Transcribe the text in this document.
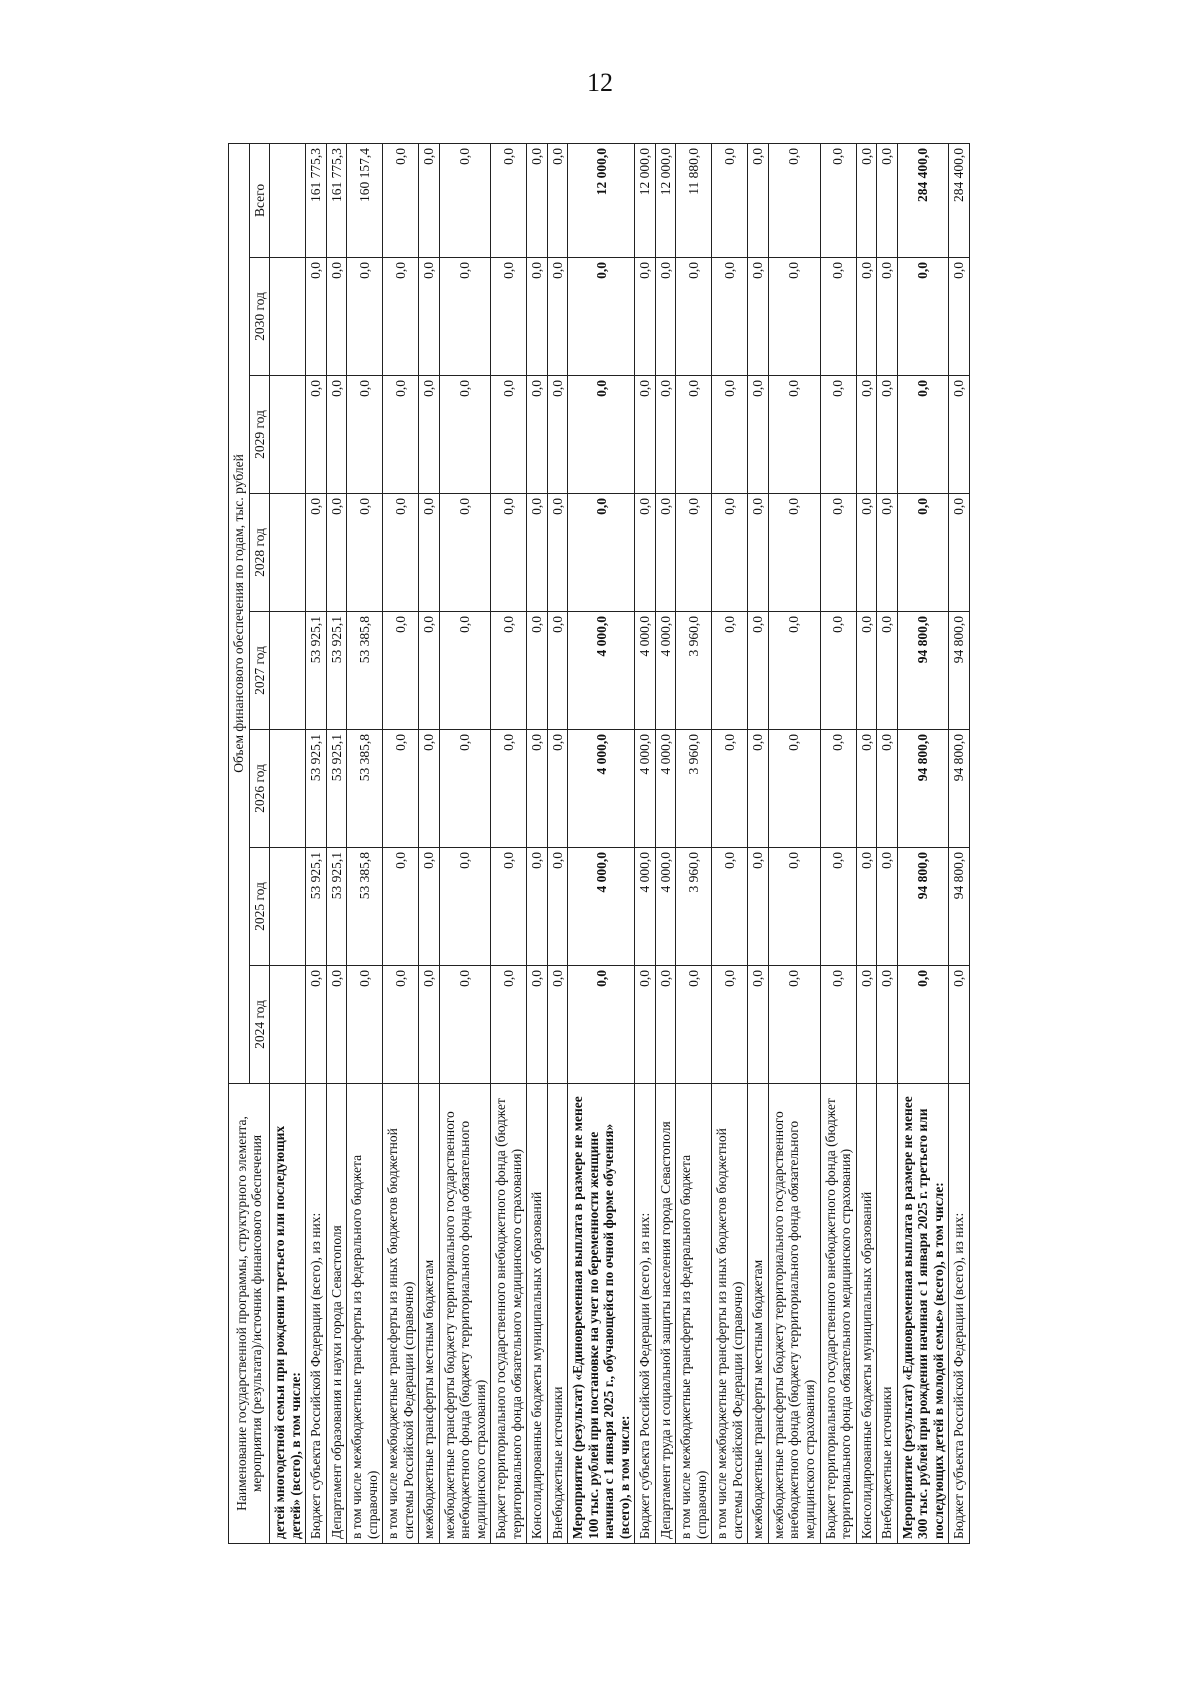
12
Наименование государственной программы, структурного элемента, мероприятия (результата)/источник финансового обеспечения	Объем финансового обеспечения по годам, тыс. рублей							
	2024 год	2025 год	2026 год	2027 год	2028 год	2029 год	2030 год	Всего
детей многодетной семьи при рождении третьего или последующих детей» (всего), в том числе:								
Бюджет субъекта Российской Федерации (всего), из них:	0,0	53 925,1	53 925,1	53 925,1	0,0	0,0	0,0	161 775,3
Департамент образования и науки города Севастополя	0,0	53 925,1	53 925,1	53 925,1	0,0	0,0	0,0	161 775,3
в том числе межбюджетные трансферты из федерального бюджета (справочно)	0,0	53 385,8	53 385,8	53 385,8	0,0	0,0	0,0	160 157,4
в том числе межбюджетные трансферты из иных бюджетов бюджетной системы Российской Федерации (справочно)	0,0	0,0	0,0	0,0	0,0	0,0	0,0	0,0
межбюджетные трансферты местным бюджетам	0,0	0,0	0,0	0,0	0,0	0,0	0,0	0,0
межбюджетные трансферты бюджету территориального государственного внебюджетного фонда (бюджету территориального фонда обязательного медицинского страхования)	0,0	0,0	0,0	0,0	0,0	0,0	0,0	0,0
Бюджет территориального государственного внебюджетного фонда (бюджет территориального фонда обязательного медицинского страхования)	0,0	0,0	0,0	0,0	0,0	0,0	0,0	0,0
Консолидированные бюджеты муниципальных образований	0,0	0,0	0,0	0,0	0,0	0,0	0,0	0,0
Внебюджетные источники	0,0	0,0	0,0	0,0	0,0	0,0	0,0	0,0
Мероприятие (результат) «Единовременная выплата в размере не менее 100 тыс. рублей при постановке на учет по беременности женщине начиная с 1 января 2025 г., обучающейся по очной форме обучения» (всего), в том числе:	0,0	4 000,0	4 000,0	4 000,0	0,0	0,0	0,0	12 000,0
Бюджет субъекта Российской Федерации (всего), из них:	0,0	4 000,0	4 000,0	4 000,0	0,0	0,0	0,0	12 000,0
Департамент труда и социальной защиты населения города Севастополя	0,0	4 000,0	4 000,0	4 000,0	0,0	0,0	0,0	12 000,0
в том числе межбюджетные трансферты из федерального бюджета (справочно)	0,0	3 960,0	3 960,0	3 960,0	0,0	0,0	0,0	11 880,0
в том числе межбюджетные трансферты из иных бюджетов бюджетной системы Российской Федерации (справочно)	0,0	0,0	0,0	0,0	0,0	0,0	0,0	0,0
межбюджетные трансферты местным бюджетам	0,0	0,0	0,0	0,0	0,0	0,0	0,0	0,0
межбюджетные трансферты бюджету территориального государственного внебюджетного фонда (бюджету территориального фонда обязательного медицинского страхования)	0,0	0,0	0,0	0,0	0,0	0,0	0,0	0,0
Бюджет территориального государственного внебюджетного фонда (бюджет территориального фонда обязательного медицинского страхования)	0,0	0,0	0,0	0,0	0,0	0,0	0,0	0,0
Консолидированные бюджеты муниципальных образований	0,0	0,0	0,0	0,0	0,0	0,0	0,0	0,0
Внебюджетные источники	0,0	0,0	0,0	0,0	0,0	0,0	0,0	0,0
Мероприятие (результат) «Единовременная выплата в размере не менее 300 тыс. рублей при рождении начиная с 1 января 2025 г. третьего или последующих детей в молодой семье» (всего), в том числе:	0,0	94 800,0	94 800,0	94 800,0	0,0	0,0	0,0	284 400,0
Бюджет субъекта Российской Федерации (всего), из них:	0,0	94 800,0	94 800,0	94 800,0	0,0	0,0	0,0	284 400,0
